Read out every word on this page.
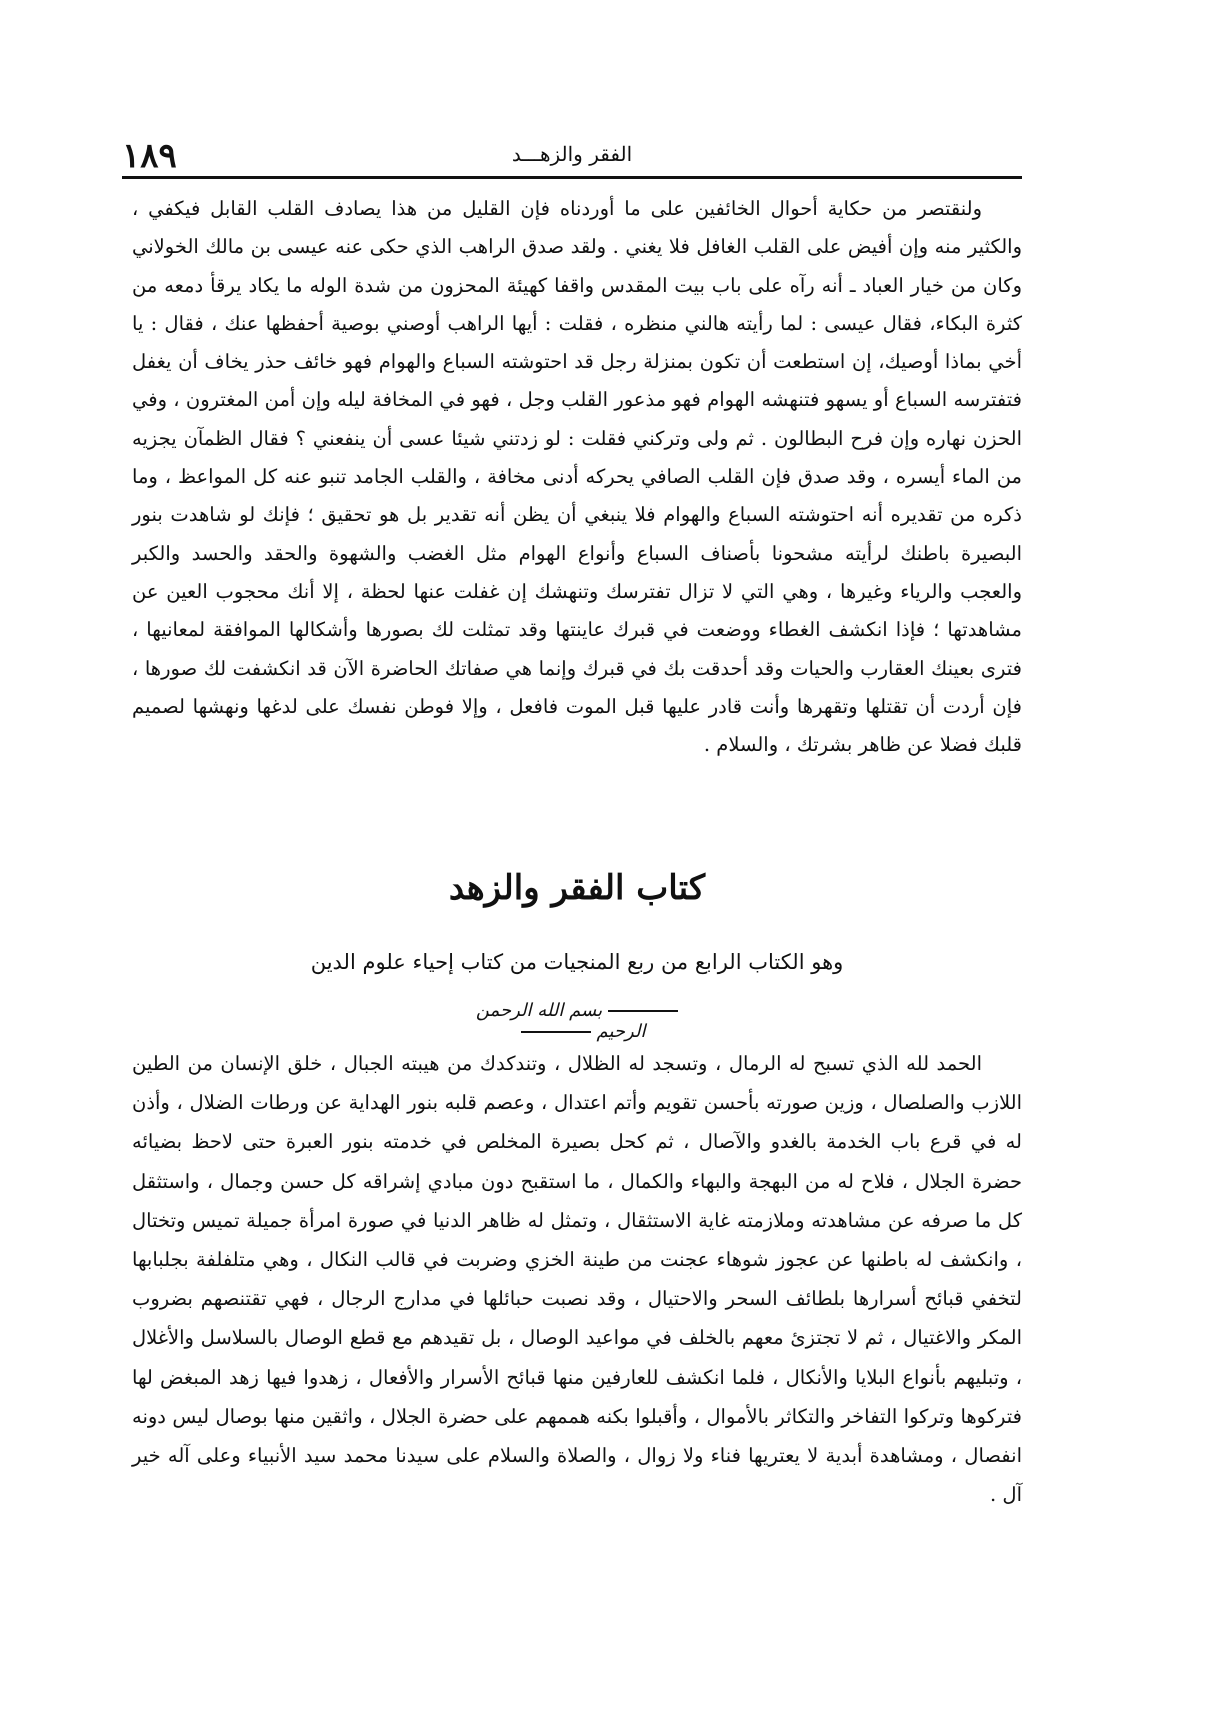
١٨٩	الفقر والزهـــد

ولنقتصر من حكاية أحوال الخائفين على ما أوردناه فإن القليل من هذا يصادف القلب القابل فيكفي ، والكثير منه وإن أفيض على القلب الغافل فلا يغني . ولقد صدق الراهب الذي حكى عنه عيسى بن مالك الخولاني وكان من خيار العباد ـ أنه رآه على باب بيت المقدس واقفا كهيئة المحزون من شدة الوله ما يكاد يرقأ دمعه من كثرة البكاء، فقال عيسى : لما رأيته هالني منظره ، فقلت : أيها الراهب أوصني بوصية أحفظها عنك ، فقال : يا أخي بماذا أوصيك، إن استطعت أن تكون بمنزلة رجل قد احتوشته السباع والهوام فهو خائف حذر يخاف أن يغفل فتفترسه السباع أو يسهو فتنهشه الهوام فهو مذعور القلب وجل ، فهو في المخافة ليله وإن أمن المغترون ، وفي الحزن نهاره وإن فرح البطالون . ثم ولى وتركني فقلت : لو زدتني شيئا عسى أن ينفعني ؟ فقال الظمآن يجزيه من الماء أيسره ، وقد صدق فإن القلب الصافي يحركه أدنى مخافة ، والقلب الجامد تنبو عنه كل المواعظ ، وما ذكره من تقديره أنه احتوشته السباع والهوام فلا ينبغي أن يظن أنه تقدير بل هو تحقيق ؛ فإنك لو شاهدت بنور البصيرة باطنك لرأيته مشحونا بأصناف السباع وأنواع الهوام مثل الغضب والشهوة والحقد والحسد والكبر والعجب والرياء وغيرها ، وهي التي لا تزال تفترسك وتنهشك إن غفلت عنها لحظة ، إلا أنك محجوب العين عن مشاهدتها ؛ فإذا انكشف الغطاء ووضعت في قبرك عاينتها وقد تمثلت لك بصورها وأشكالها الموافقة لمعانيها ، فترى بعينك العقارب والحيات وقد أحدقت بك في قبرك وإنما هي صفاتك الحاضرة الآن قد انكشفت لك صورها ، فإن أردت أن تقتلها وتقهرها وأنت قادر عليها قبل الموت فافعل ، وإلا فوطن نفسك على لدغها ونهشها لصميم قلبك فضلا عن ظاهر بشرتك ، والسلام .

كتاب الفقر والزهد
وهو الكتاب الرابع من ربع المنجيات من كتاب إحياء علوم الدين
بسم الله الرحمن الرحيم

الحمد لله الذي تسبح له الرمال ، وتسجد له الظلال ، وتندكدك من هيبته الجبال ، خلق الإنسان من الطين اللازب والصلصال ، وزين صورته بأحسن تقويم وأتم اعتدال ، وعصم قلبه بنور الهداية عن ورطات الضلال ، وأذن له في قرع باب الخدمة بالغدو والآصال ، ثم كحل بصيرة المخلص في خدمته بنور العبرة حتى لاحظ بضيائه حضرة الجلال ، فلاح له من البهجة والبهاء والكمال ، ما استقبح دون مبادي إشراقه كل حسن وجمال ، واستثقل كل ما صرفه عن مشاهدته وملازمته غاية الاستثقال ، وتمثل له ظاهر الدنيا في صورة امرأة جميلة تميس وتختال ، وانكشف له باطنها عن عجوز شوهاء عجنت من طينة الخزي وضربت في قالب النكال ، وهي متلفلفة بجلبابها لتخفي قبائح أسرارها بلطائف السحر والاحتيال ، وقد نصبت حبائلها في مدارج الرجال ، فهي تقتنصهم بضروب المكر والاغتيال ، ثم لا تجتزئ معهم بالخلف في مواعيد الوصال ، بل تقيدهم مع قطع الوصال بالسلاسل والأغلال ، وتبليهم بأنواع البلايا والأنكال ، فلما انكشف للعارفين منها قبائح الأسرار والأفعال ، زهدوا فيها زهد المبغض لها فتركوها وتركوا التفاخر والتكاثر بالأموال ، وأقبلوا بكنه هممهم على حضرة الجلال ، واثقين منها بوصال ليس دونه انفصال ، ومشاهدة أبدية لا يعتريها فناء ولا زوال ، والصلاة والسلام على سيدنا محمد سيد الأنبياء وعلى آله خير آل .
